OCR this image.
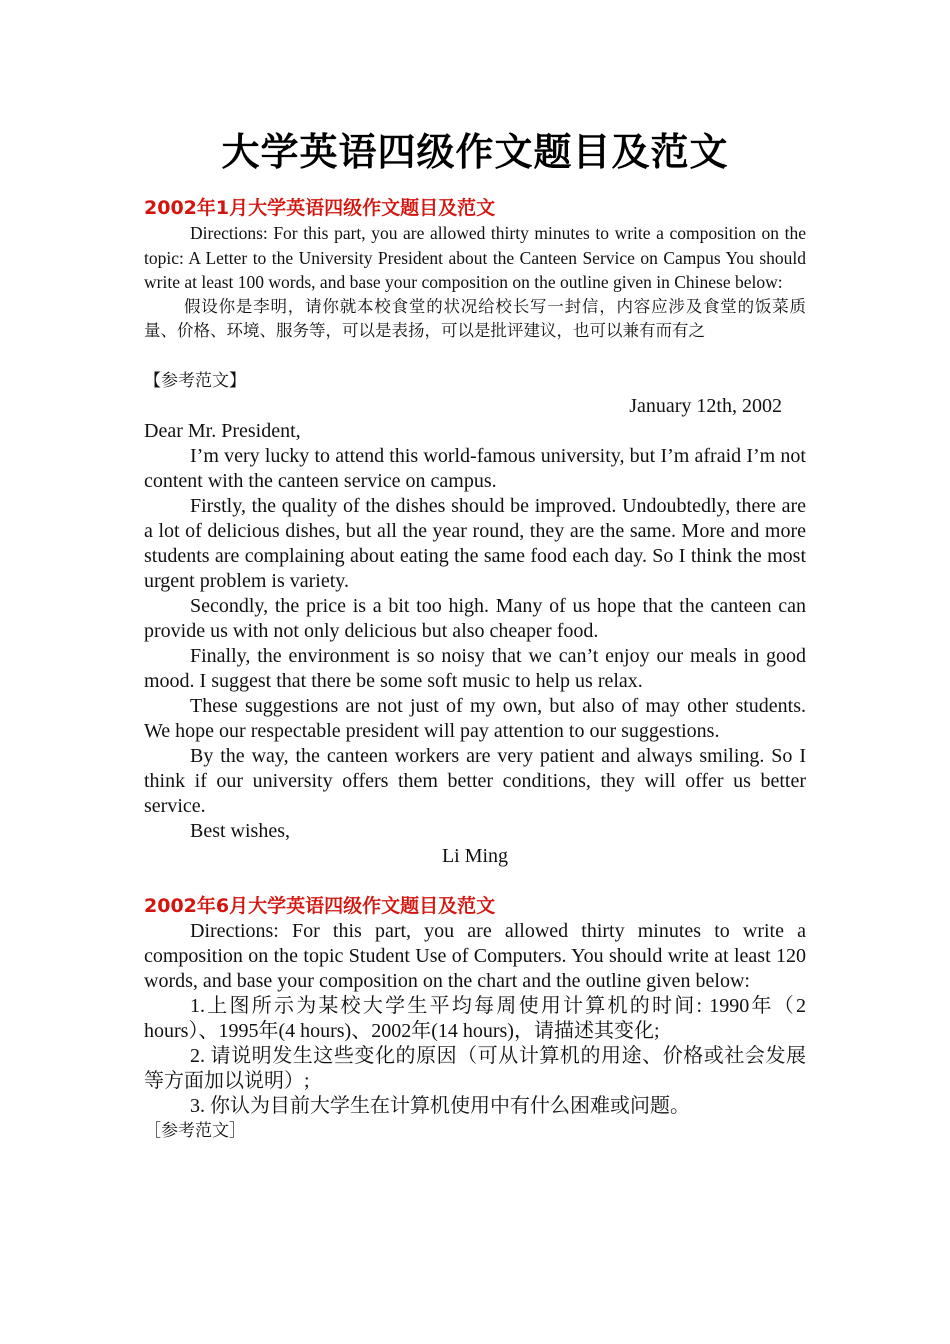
大学英语四级作文题目及范文
2002年1月大学英语四级作文题目及范文

Directions: For this part, you are allowed thirty minutes to write a composition on the topic: A Letter to the University President about the Canteen Service on Campus You should write at least 100 words, and base your composition on the outline given in Chinese below:

假设你是李明，请你就本校食堂的状况给校长写一封信，内容应涉及食堂的饭菜质量、价格、环境、服务等，可以是表扬，可以是批评建议，也可以兼有而有之

【参考范文】

January 12th, 2002

Dear Mr. President,

I’m very lucky to attend this world-famous university, but I’m afraid I’m not content with the canteen service on campus.

Firstly, the quality of the dishes should be improved. Undoubtedly, there are a lot of delicious dishes, but all the year round, they are the same. More and more students are complaining about eating the same food each day. So I think the most urgent problem is variety.

Secondly, the price is a bit too high. Many of us hope that the canteen can provide us with not only delicious but also cheaper food.

Finally, the environment is so noisy that we can’t enjoy our meals in good mood. I suggest that there be some soft music to help us relax.

These suggestions are not just of my own, but also of may other students. We hope our respectable president will pay attention to our suggestions.

By the way, the canteen workers are very patient and always smiling. So I think if our university offers them better conditions, they will offer us better service.

Best wishes,

Li Ming

2002年6月大学英语四级作文题目及范文

Directions: For this part, you are allowed thirty minutes to write a composition on the topic Student Use of Computers. You should write at least 120 words, and base your composition on the chart and the outline given below:

1.上图所示为某校大学生平均每周使用计算机的时间: 1990年（2 hours）、1995年(4 hours)、2002年(14 hours)，请描述其变化;

2. 请说明发生这些变化的原因（可从计算机的用途、价格或社会发展等方面加以说明）;

3. 你认为目前大学生在计算机使用中有什么困难或问题。

［参考范文］
